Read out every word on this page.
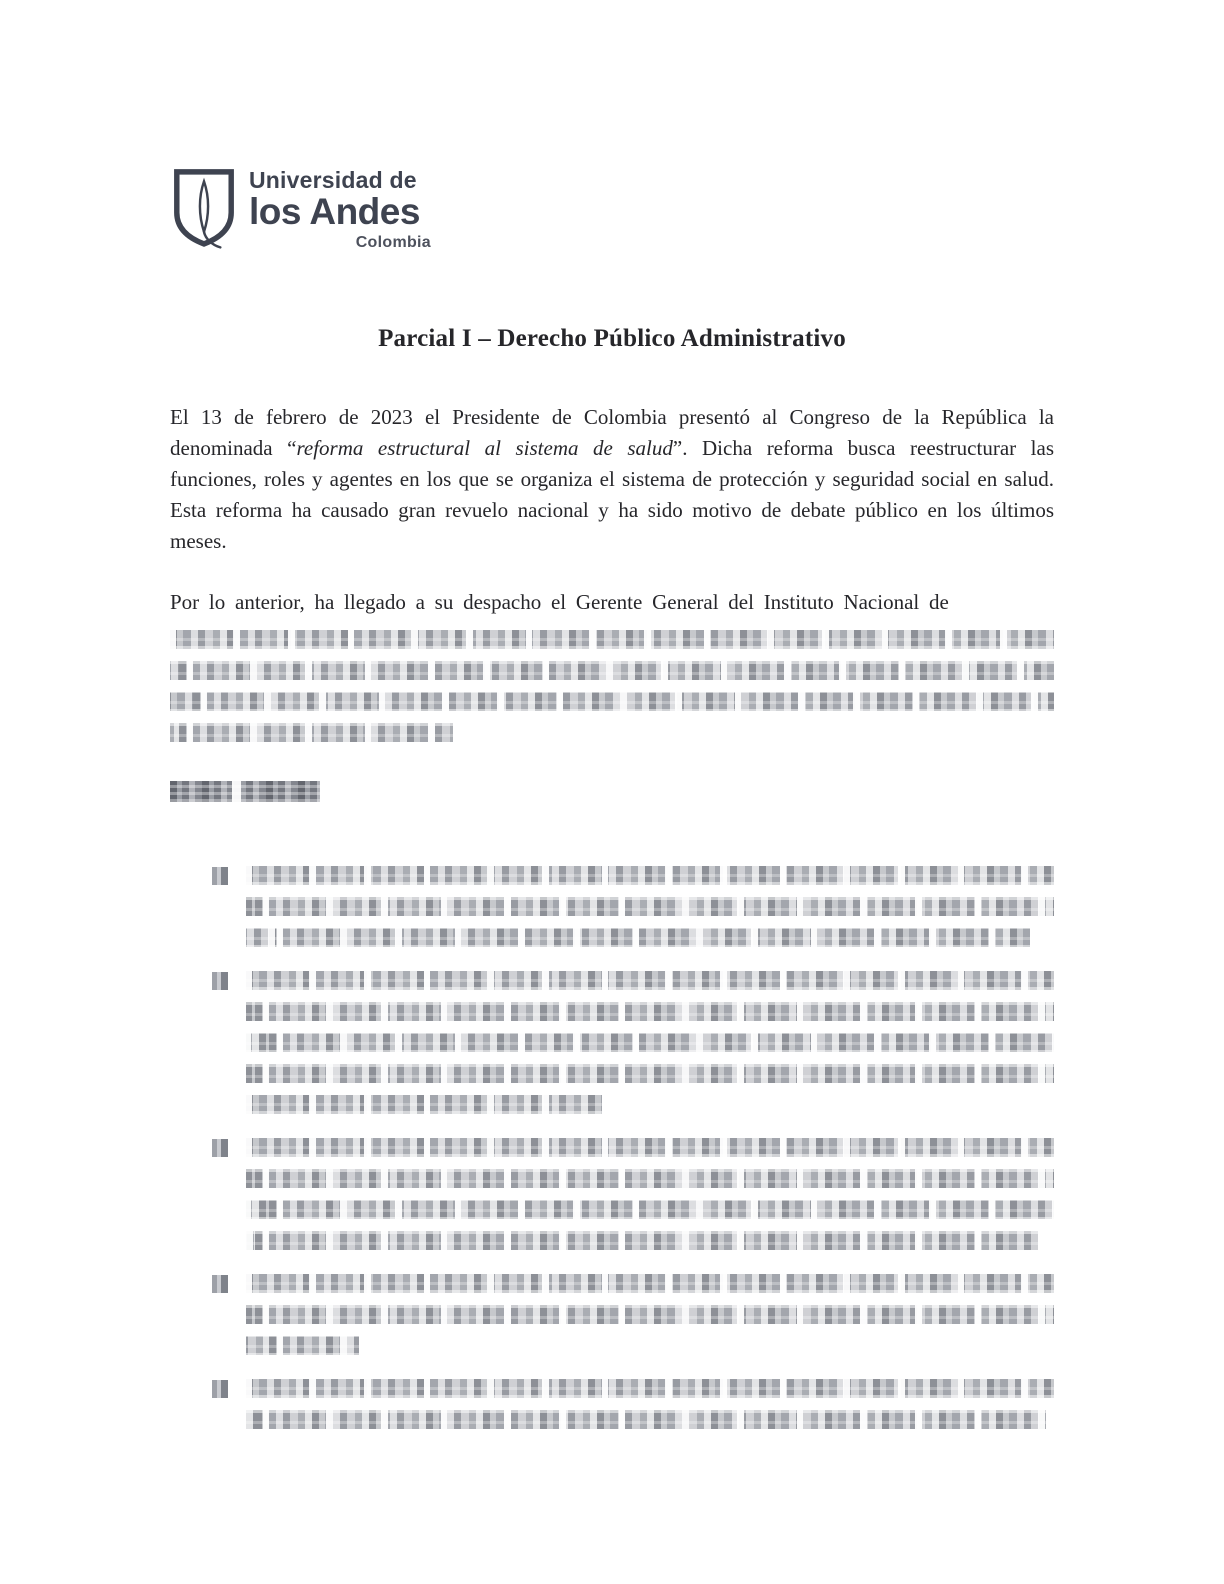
Universidad de
los Andes
Colombia
Parcial I – Derecho Público Administrativo

El 13 de febrero de 2023 el Presidente de Colombia presentó al Congreso de la República la denominada “reforma estructural al sistema de salud”. Dicha reforma busca reestructurar las funciones, roles y agentes en los que se organiza el sistema de protección y seguridad social en salud. Esta reforma ha causado gran revuelo nacional y ha sido motivo de debate público en los últimos meses.

Por lo anterior, ha llegado a su despacho el Gerente General del Instituto Nacional de
